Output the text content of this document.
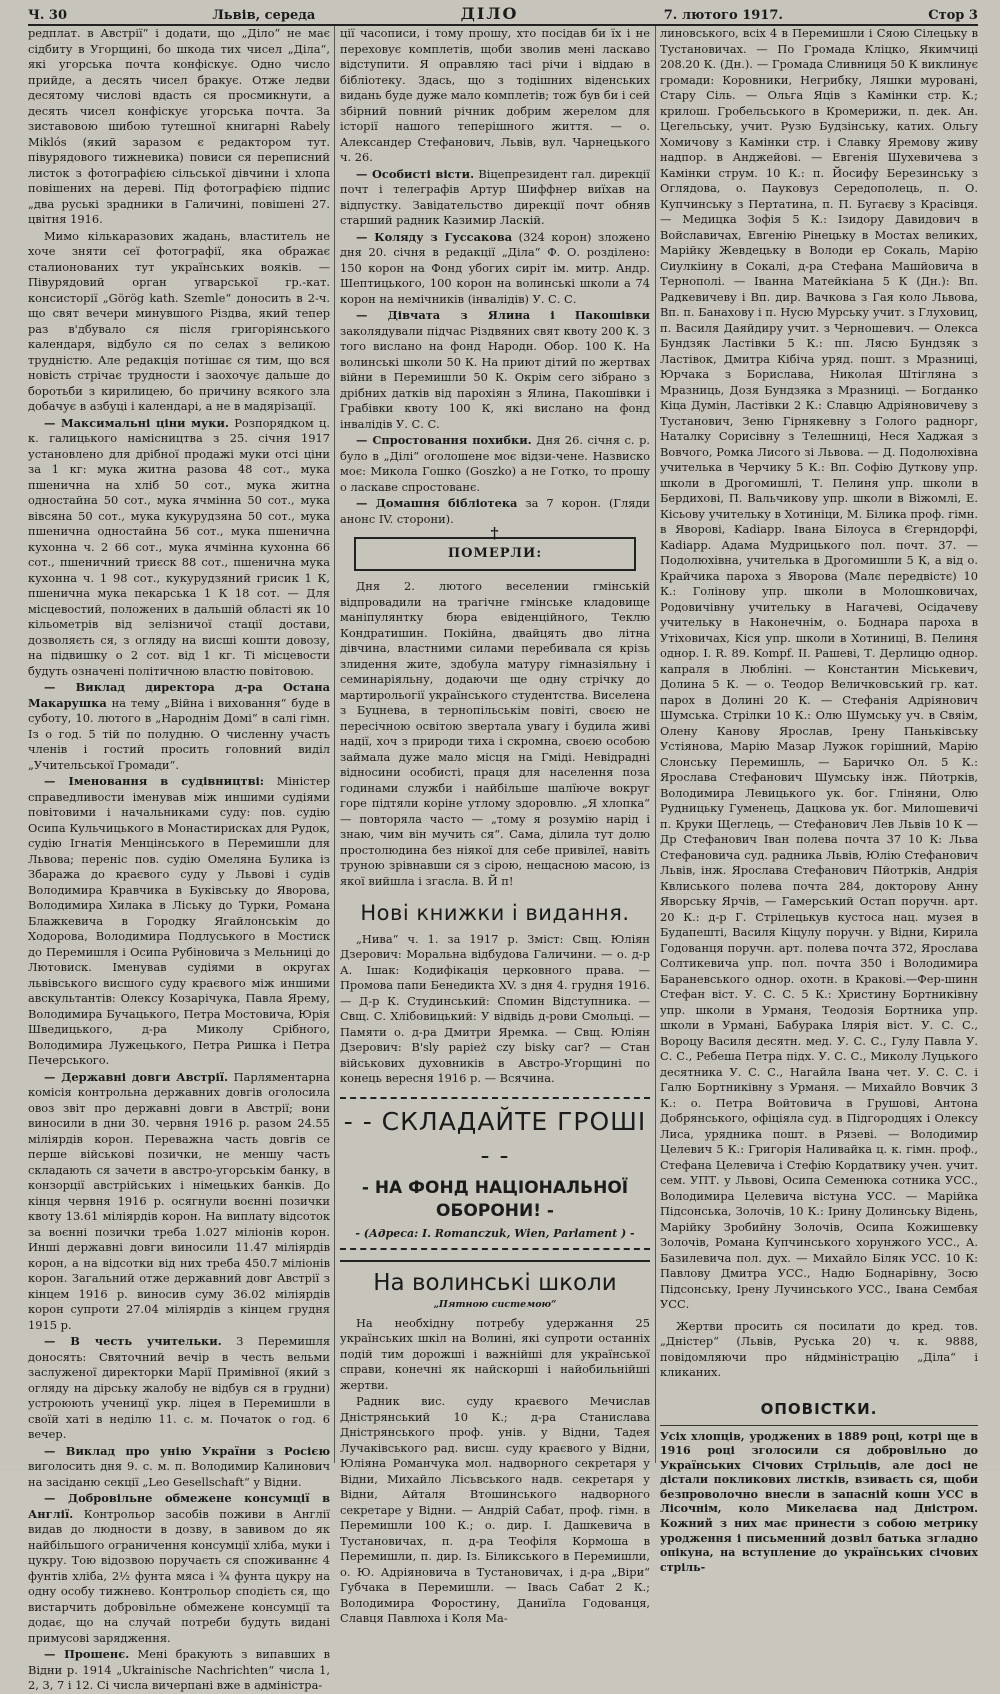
Ч. 30	Львів, середа	ДІЛО	7. лютого 1917.	Стор 3

редплат. в Австрії“ і додати, що „Діло“ не має сідбиту в Угорщині, бо шкода тих чисел „Діла“, які угорська почта конфіскує. Одно число прийде, а десять чисел бракує. Отже ледви десятому числові вдасть ся просмикнути, а десять чисел конфіскує угорська почта. За зиставовою шибою тутешної книгарні Rabely Miklós (який заразом є редактором тут. півурядового тижневика) повиси ся переписний листок з фотографією сільської дівчини і хлопа повішених на деревi. Під фотографією підпис „два руські зрадники в Галичині, повішені 27. цвітня 1916.

Мимо кількаразових жадань, властитель не хоче зняти сеї фотографії, яка ображає сталионованих тут українських вояків. — Півурядовий орган угварської гр.-кат. консисторії „Görög kath. Szemle“ доносить в 2-ч. що свят вечери минувшого Різдва, який тепер раз в'дбувало ся після григоріянського календаря, відбуло ся по селах з великою трудністю. Але редакція потішає ся тим, що вся новість стрічає трудности і заохочує дальше до боротьби з кирилицею, бо причину всякого зла добачує в азбуці і календарі, а не в мадярізації.

— Максимальні ціни муки. Розпорядком ц. к. галицького намісництва з 25. січня 1917 установлено для дрібної продажі муки отсі ціни за 1 кг: мука житна разова 48 сот., мука пшенична на хліб 50 сот., мука житна одностайна 50 сот., мука ячмінна 50 сот., мука вівсяна 50 сот., мука кукурудзяна 50 сот., мука пшенична одностайна 56 сот., мука пшенична кухонна ч. 2 66 сот., мука ячмінна кухонна 66 сот., пшеничний триєск 88 сот., пшенична мука кухонна ч. 1 98 сот., кукурудзяний грисик 1 К, пшенична мука пекарська 1 К 18 сот. — Для місцевостий, положених в дальшій області як 10 кільометрів від зелізничої стації достави, дозволяєть ся, з огляду на висші кошти довозу, на підвишку о 2 сот. від 1 кг. Ті місцевости будуть означені політичною властю повітовою.

— Виклад директора д-ра Остана Макарушка на тему „Війна і виховання“ буде в суботу, 10. лютого в „Народнім Домі“ в салі гімн. Із о год. 5 тій по полудню. О численну участь членів і гостий просить головний виділ „Учительської Громади“.

— Іменовання в судівництві: Міністер справедливости іменував між иншими судіями повітовими і начальниками суду: пов. судію Осипа Кульчицького в Монастирисках для Рудок, судію Ігнатія Менцінського в Перемишли для Львова; переніс пов. судію Омеляна Булика із Збаража до краєвого суду у Львові і судів Володимира Кравчика в Буківську до Яворова, Володимира Хилака в Ліську до Турки, Романа Блажкевича в Городку Ягайлонськім до Ходорова, Володимира Подлуського в Мостиск до Перемишля і Осипа Рубіновича з Мельниці до Лютовиск. Іменував судіями в округах львівського висшого суду краєвого між иншими авскультантів: Олексу Козарічука, Павла Ярему, Володимира Бучацького, Петра Мостовича, Юрія Шведицького, д-ра Миколу Срібного, Володимира Лужецького, Петра Ришка і Петра Печерського.

— Державні довги Австрії. Парляментарна комісія контрольна державних довгів оголосила овоз звіт про державні довги в Австрії; вони виносили в дни 30. червня 1916 р. разом 24.55 міліярдів корон. Переважна часть довгів се перше військові позички, не меншу часть складають ся зачети в австро-угорськім банку, в конзорції австрійських і німецьких банків. До кінця червня 1916 р. осягнули воєнні позички квоту 13.61 міліярдів корон. На виплату відсоток за воєнні позички треба 1.027 міліонів корон. Инші державні довги виносили 11.47 міліярдів корон, а на відсотки від них треба 450.7 міліонів корон. Загальний отже державний довг Австрії з кінцем 1916 р. виносив суму 36.02 міліярдів корон супроти 27.04 міліярдів з кінцем грудня 1915 р.

— В честь учительки. З Перемишля доносять: Святочний вечір в честь вельми заслуженої директорки Марії Примівної (який з огляду на дірську жалобу не відбув ся в грудни) устроюють ученицї укр. ліцея в Перемишли в своїй хаті в неділю 11. с. м. Початок о год. 6 вечер.

— Виклад про унію України з Росією виголосить дня 9. с. м. п. Володимир Калинович на засіданю секції „Leo Gesellschaft“ у Відни.

— Добровільне обмежене консумції в Англії. Контрольор засобів поживи в Англії видав до людности в дозву, в завивом до як найбільшого ограничення консумції хліба, муки і цукру. Тою відозвою поручаєть ся споживаннє 4 фунтів хліба, 2½ фунта мяса і ¾ фунта цукру на одну особу тижнево. Контрольор сподієть ся, що вистарчить добровільне обмежене консумції та додає, що на случай потреби будуть видані примусові зарядження.

— Прошенє. Мені бракують з випавших в Відни р. 1914 „Ukrainische Nachrichten“ числа 1, 2, 3, 7 і 12. Сі числа вичерпані вже в адміністра-

ції часописи, і тому прошу, хто посідав би їх і не переховує комплетів, щоби зволив мені ласкаво відступити. Я оправляю тасі річи і віддаю в бібліотеку. Здась, що з тодішних віденських видань буде дуже мало комплетів; тож був би і сей збірний повний річник добрим жерелом для історії нашого теперішного життя. — о. Алекcандер Стефанович, Львів, вул. Чарнецького ч. 26.

— Особисті вісти. Віцепрезидент гал. дирекції почт і телеграфів Артур Шиффнер виїхав на відпустку. Завідательство дирекції почт обняв старший радник Казимир Ласкій.

— Коляду з Гуссакова (324 корон) зложено дня 20. січня в редакції „Діла“ Ф. О. розділено: 150 корон на Фонд убогих сиріт ім. митр. Андр. Шептицького, 100 корон на волинські школи а 74 корон на немічників (інвалідів) У. С. С.

— Дівчата з Ялина і Пакошівки заколядували підчас Різдвяних свят квоту 200 К. З того вислано на фонд Народн. Обор. 100 К. На волинські школи 50 К. На приют дітий по жертвах війни в Перемишли 50 К. Окрім сего зібрано з дрібних датків від парохіян з Ялина, Пакошівки і Грабівки квоту 100 К, які вислано на фонд інвалідів У. С. С.

— Спростовання похибки. Дня 26. січня с. р. було в „Ділі“ оголошене моє відзи-чене. Назвиско моє: Микола Гошко (Goszko) а не Готко, то прошу о ласкаве спростованє.

— Домашня бібліотека за 7 корон. (Гляди анонс IV. сторони).

†
ПОМЕРЛИ:

Дня 2. лютого веселении гмінській відпровадили на трагічне гмінське кладовище маніпулянтку бюра евіденційного, Теклю Кондратишин. Покійна, двайцять дво літна дівчина, властними силами перебивала ся крізь злидення жите, здобула матуру гімназіяльну і семинаріяльну, додаючи ще одну стрічку до мартирольогії українського студентства. Виселена з Буцнева, в тернопільськім повіті, своєю не пересічною освітою звертала увагу і будила живі надії, хоч з природи тиха і скромна, своєю особою займала дуже мало місця на Гміді. Невідрадні відносини особисті, праця для населення поза годинами служби і найбільше шалїюче вокруг горе підтяли коріне утлому здоровлю. „Я хлопка“ — повторяла часто — „тому я розумію нарід і знаю, чим він мучить ся“. Сама, ділила тут долю простолюдина без ніякої для себе привілеї, навіть труною зрівнавши ся з сірою, нещасною масою, із якої вийшла і згасла. В. Й п!

Нові книжки і видання.

„Нива“ ч. 1. за 1917 р. Зміст: Свщ. Юліян Дзерович: Моральна відбудова Галичини. — о. д-р А. Ішак: Кодифікація церковного права. — Промова папи Бенедикта XV. з дня 4. грудня 1916. — Д-р К. Студинський: Спомин Відступника. — Свщ. С. Хлібовицький: У відвідь д-рови Смольці. — Памяти о. д-ра Дмитри Яремка. — Свщ. Юліян Дзерович: В'sly papież czy bisky саг? — Стан військових духовників в Австро-Угорщині по конець вересня 1916 р. — Всячина.

- - СКЛАДАЙТЕ ГРОШІ - -
- НА ФОНД НАЦІОНАЛЬНОЇ ОБОРОНИ! -
- (Адреса: І. Romanczuk, Wien, Parlament ) -
На волинські школи
„Пятною системою“

На необхідну потребу удержання 25 українських шкіл на Волині, які супроти останніх подій тим дорожші і важнійші для української справи, конечні як найскорші і найобильнійші жертви.

Радник вис. суду краєвого Мечислав Дністрянський 10 К.; д-ра Станислава Дністрянського проф. унів. у Відни, Тадея Лучаківського рад. висш. суду краєвого у Відни, Юліяна Романчука мол. надворного секретаря у Відни, Михайло Лісьвського надв. секретаря у Відни, Айталя Втошинського надворного секретаре у Відни. — Андрій Сабат, проф. гімн. в Перемишли 100 К.; о. дир. І. Дашкевича в Тустановичах, п. д-ра Теофіля Кормоша в Перемишли, п. дир. Із. Біликського в Перемишли, о. Ю. Адріяновича в Тустановичах, і д-ра „Віри“ Губчака в Перемишли. — Івась Сабат 2 К.; Володимира Форостину, Даниїла Годованця, Славця Павлюха і Коля Ма-

линовського, всіх 4 в Перемишли і Сяою Сілецьку в Тустановичах. — По Громада Кліцко, Якимчиці 208.20 К. (Дн.). — Громада Сливниця 50 К виклинує громади: Коровники, Негрибку, Ляшки муровані, Стару Сіль. — Ольга Яців з Камінки стр. К.; крилош. Гробельського в Кромерижи, п. дек. Ан. Цегельську, учит. Рузю Будзінську, катих. Ольгу Хомичову з Камінки стр. і Славку Яремову живу надпор. в Анджейові. — Евгенія Шухевичева з Камінки струм. 10 К.: п. Йосифу Березинську з Оглядова, о. Пауковуз Середополець, п. О. Купчинську з Пертатина, п. П. Бугаєву з Красівця. — Медицка Зофія 5 К.: Ізидору Давидович в Войславичах, Евгенію Рінецьку в Мостах великих, Марійку Жевдецьку в Володи ер Сокаль, Марію Сиулкіину в Сокалі, д-ра Стефана Машйовича в Тернополі. — Іванна Матейкіана 5 К (Дн.): Вп. Радкевичеву і Вп. дир. Вачкова з Гая коло Львова, Вп. п. Банахову і п. Нусю Мурську учит. з Глуховиц, п. Василя Даяйдиру учит. з Черношевич. — Олекса Бундзяк Ластівки 5 К.: пп. Лясю Бундзяк з Ластівок, Дмитра Кібіча уряд. пошт. з Мразниці, Юрчака з Борислава, Николая Штігляна з Мразниць, Дозя Бундзяка з Мразниці. — Богданко Кіца Думін, Ластівки 2 К.: Славцю Адріяновичеву з Тустанович, Зеню Гірнякевну з Голого раднорг, Наталку Сорисівну з Телешниці, Неся Хаджая з Вовчого, Ромка Лисого зі Львова. — Д. Подолюхівна учителька в Черчику 5 К.: Вп. Софію Дуткову упр. школи в Дрогомишлі, Т. Пелиня упр. школи в Бердихові, П. Вальчикову упр. школи в Віжомлі, Е. Кісьову учительку в Хотиніци, М. Білика проф. гімн. в Яворові, Kadiapp. Івана Білоуса в Єгерндорфі, Kadiapp. Адама Мудрицького пол. почт. 37. — Подолюхівна, учителька в Дрогомишли 5 К, а від о. Крайчика пароха з Яворова (Малє передвістє) 10 К.: Голінову упр. школи в Молошковичах, Родовичівну учительку в Нагачеві, Осідачеву учительку в Наконечнім, о. Боднара пароха в Утіховичах, Кіся упр. школи в Хотиниці, В. Пелиня однор. І. R. 89. Kompf. II. Рашеві, Т. Дерлицю однор. капраля в Любліні. — Константин Міськевич, Долина 5 К. — о. Теодор Величковський гр. кат. парох в Долині 20 К. — Стефанія Адріянович Шумська. Стрілки 10 К.: Олю Шумську уч. в Свяім, Олену Канову Ярослав, Ірену Паньківську Устіянова, Марію Мазар Лужок горішний, Марію Слонську Перемишль, — Баричко Ол. 5 К.: Ярослава Стефанович Шумську інж. Пйотрків, Володимира Левицького ук. бог. Гліняни, Олю Рудницьку Гуменець, Дацкова ук. бог. Милошевичі п. Круки Щеглець, — Стефанович Лев Львів 10 К — Др Стефанович Іван полева почта 37 10 К: Льва Стефановича суд. радника Львів, Юлію Стефанович Львів, інж. Ярослава Стефанович Пйотрків, Андрія Квлиського полева почта 284, докторову Анну Яворську Ярчів, — Гамерський Остап поручн. арт. 20 К.: д-р Г. Стрілецькув кустоса нац. музея в Будапешті, Василя Кіцулу поручн. у Відни, Кирила Годованця поручн. арт. полева почта 372, Ярослава Солтикевича упр. пол. почта 350 і Володимира Бараневського однор. охотн. в Кракові.—Фер-шинн Стефан віст. У. С. С. 5 К.: Христину Бортниківну упр. школи в Урманя, Теодозія Бортника упр. школи в Урмані, Бабурака Ілярія віст. У. С. С., Вороцу Василя десятн. мед. У. С. С., Гулу Павла У. С. С., Ребеша Петра підх. У. С. С., Миколу Луцького десятника У. С. С., Нагайла Івана чет. У. С. С. і Галю Бортниківну з Урманя. — Михайло Вовчик 3 К.: о. Петра Войтовича в Грушові, Антона Добрянського, офіціяла суд. в Підгородцях і Олексу Лиса, урядника пошт. в Рязеві. — Володимир Целевич 5 К.: Григорія Наливайка ц. к. гімн. проф., Стефана Целевича і Стефію Кордатвику учен. учит. сем. УПТ. у Львові, Осипа Семенюка сотника УСС., Володимира Целевича вістуна УСС. — Марійка Підсонська, Золочів, 10 К.: Ірину Долинську Відень, Марійку Зробийну Золочів, Осипа Кожишевку Золочів, Романа Купчинського хорунжого УСС., А. Базилевича пол. дух. — Михайло Біляк УСС. 10 К: Павлову Дмитра УСС., Надю Боднарівну, Зосю Підсонську, Ірену Лучинського УСС., Івана Сембая УСС.

Жертви просить ся посилати до кред. тов. „Дністер“ (Львів, Руська 20) ч. к. 9888, повідомляючи про нйдміністрацію „Діла“ і кликаних.

ОПОВІСТКИ.
Усіх хлопців, уроджених в 1889 році, котрі ще в 1916 році зголосили ся добровільно до Українських Січових Стрільців, але досі не дістали покликових листків, взиваєть ся, щоби безпроволочно внесли в запасній кошн УСС в Лісочнім, коло Микелаєва над Дністром. Кожний з них має принести з собою метрику уродження і письменний дозвіл батька згладно опікуна, на вступление до українських січових стріль-
